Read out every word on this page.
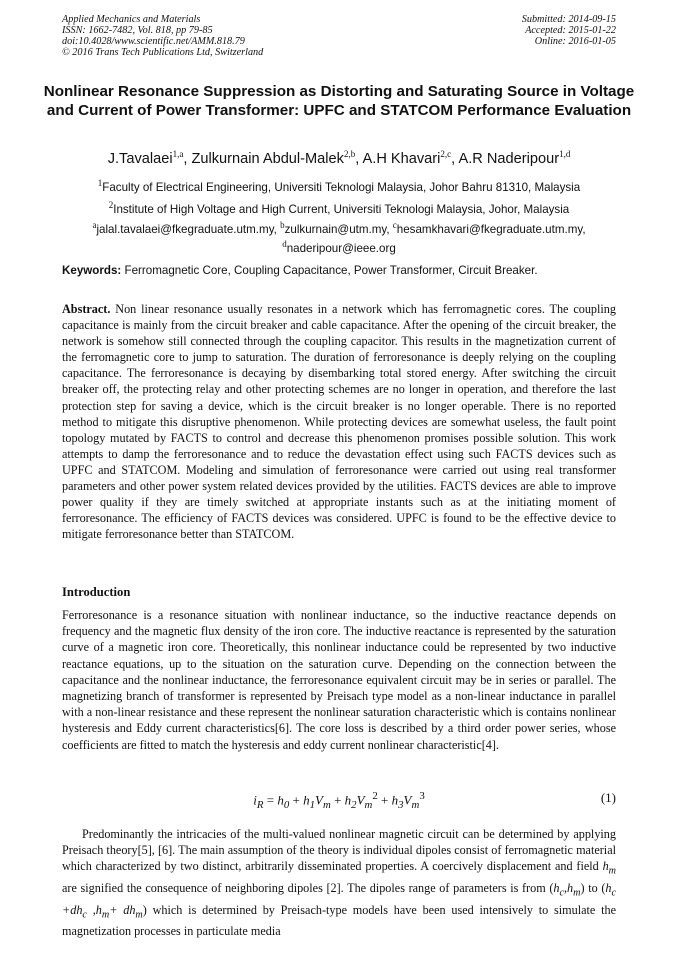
Applied Mechanics and Materials
ISSN: 1662-7482, Vol. 818, pp 79-85
doi:10.4028/www.scientific.net/AMM.818.79
© 2016 Trans Tech Publications Ltd, Switzerland
Submitted: 2014-09-15
Accepted: 2015-01-22
Online: 2016-01-05
Nonlinear Resonance Suppression as Distorting and Saturating Source in Voltage and Current of Power Transformer: UPFC and STATCOM Performance Evaluation
J.Tavalaei$^{1,a}$, Zulkurnain Abdul-Malek$^{2,b}$, A.H Khavari$^{2,c}$, A.R Naderipour$^{1,d}$
$^1$Faculty of Electrical Engineering, Universiti Teknologi Malaysia, Johor Bahru 81310, Malaysia
$^2$Institute of High Voltage and High Current, Universiti Teknologi Malaysia, Johor, Malaysia
$^a$jalal.tavalaei@fkegraduate.utm.my, $^b$zulkurnain@utm.my, $^c$hesamkhavari@fkegraduate.utm.my,
$^d$naderipour@ieee.org
Keywords: Ferromagnetic Core, Coupling Capacitance, Power Transformer, Circuit Breaker.
Abstract. Non linear resonance usually resonates in a network which has ferromagnetic cores. The coupling capacitance is mainly from the circuit breaker and cable capacitance. After the opening of the circuit breaker, the network is somehow still connected through the coupling capacitor. This results in the magnetization current of the ferromagnetic core to jump to saturation. The duration of ferroresonance is deeply relying on the coupling capacitance. The ferroresonance is decaying by disembarking total stored energy. After switching the circuit breaker off, the protecting relay and other protecting schemes are no longer in operation, and therefore the last protection step for saving a device, which is the circuit breaker is no longer operable. There is no reported method to mitigate this disruptive phenomenon. While protecting devices are somewhat useless, the fault point topology mutated by FACTS to control and decrease this phenomenon promises possible solution. This work attempts to damp the ferroresonance and to reduce the devastation effect using such FACTS devices such as UPFC and STATCOM. Modeling and simulation of ferroresonance were carried out using real transformer parameters and other power system related devices provided by the utilities. FACTS devices are able to improve power quality if they are timely switched at appropriate instants such as at the initiating moment of ferroresonance. The efficiency of FACTS devices was considered. UPFC is found to be the effective device to mitigate ferroresonance better than STATCOM.
Introduction
Ferroresonance is a resonance situation with nonlinear inductance, so the inductive reactance depends on frequency and the magnetic flux density of the iron core. The inductive reactance is represented by the saturation curve of a magnetic iron core. Theoretically, this nonlinear inductance could be represented by two inductive reactance equations, up to the situation on the saturation curve. Depending on the connection between the capacitance and the nonlinear inductance, the ferroresonance equivalent circuit may be in series or parallel. The magnetizing branch of transformer is represented by Preisach type model as a non-linear inductance in parallel with a non-linear resistance and these represent the nonlinear saturation characteristic which is contains nonlinear hysteresis and Eddy current characteristics[6]. The core loss is described by a third order power series, whose coefficients are fitted to match the hysteresis and eddy current nonlinear characteristic[4].
$i_R = h_0 + h_1V_m + h_2V_m^2 + h_3V_m^3$	(1)
Predominantly the intricacies of the multi-valued nonlinear magnetic circuit can be determined by applying Preisach theory[5], [6]. The main assumption of the theory is individual dipoles consist of ferromagnetic material which characterized by two distinct, arbitrarily disseminated properties. A coercively displacement and field $h_m$ are signified the consequence of neighboring dipoles [2]. The dipoles range of parameters is from $(h_c,h_m)$ to ($h_c +dh_c$ $,h_m+ dh_m$) which is determined by Preisach-type models have been used intensively to simulate the magnetization processes in particulate media
